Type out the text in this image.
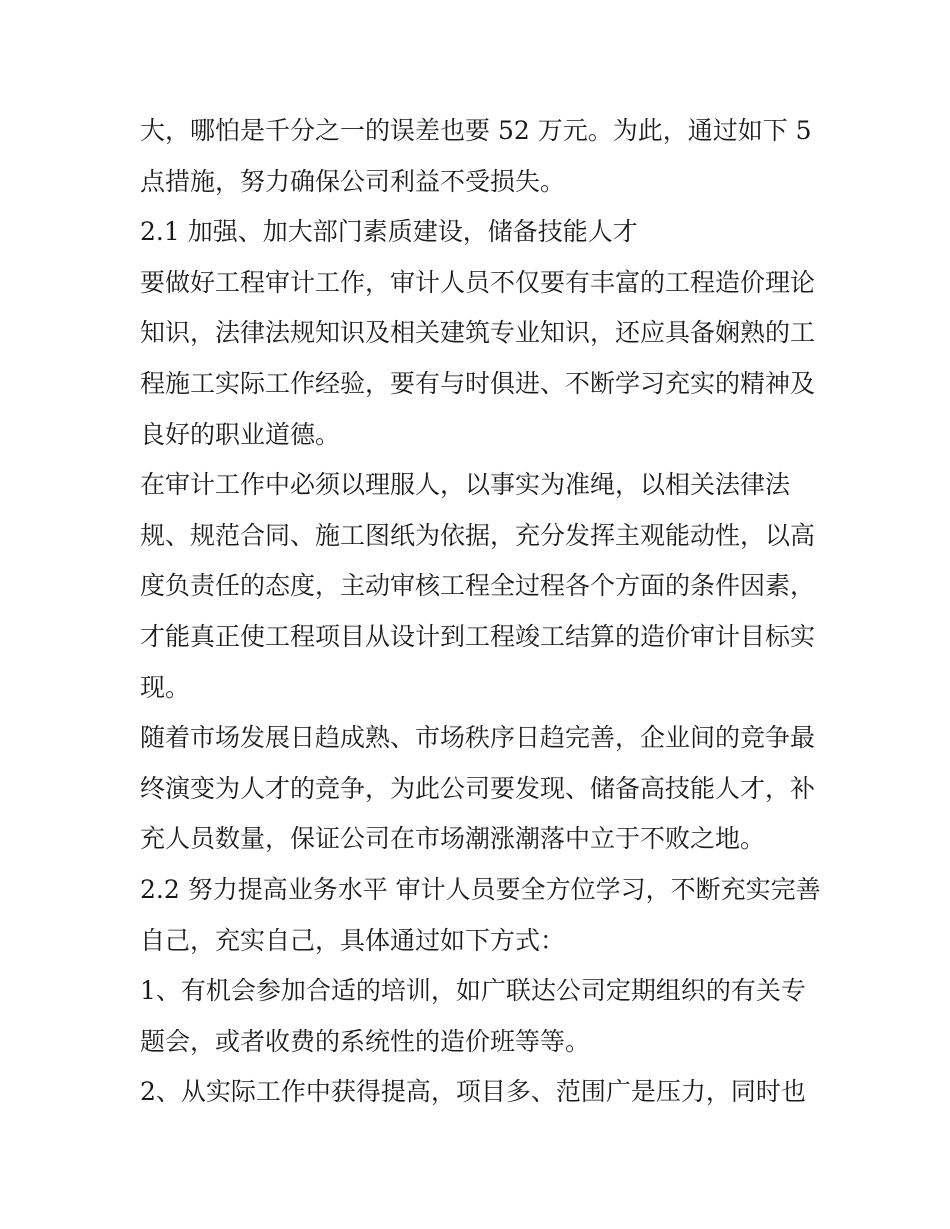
大，哪怕是千分之一的误差也要 52 万元。为此，通过如下 5
点措施，努力确保公司利益不受损失。
2.1 加强、加大部门素质建设，储备技能人才
要做好工程审计工作，审计人员不仅要有丰富的工程造价理论
知识，法律法规知识及相关建筑专业知识，还应具备娴熟的工
程施工实际工作经验，要有与时俱进、不断学习充实的精神及
良好的职业道德。
在审计工作中必须以理服人，以事实为准绳，以相关法律法
规、规范合同、施工图纸为依据，充分发挥主观能动性，以高
度负责任的态度，主动审核工程全过程各个方面的条件因素，
才能真正使工程项目从设计到工程竣工结算的造价审计目标实
现。
随着市场发展日趋成熟、市场秩序日趋完善，企业间的竞争最
终演变为人才的竞争，为此公司要发现、储备高技能人才，补
充人员数量，保证公司在市场潮涨潮落中立于不败之地。
2.2 努力提高业务水平 审计人员要全方位学习，不断充实完善
自己，充实自己，具体通过如下方式：
1、有机会参加合适的培训，如广联达公司定期组织的有关专
题会，或者收费的系统性的造价班等等。
2、从实际工作中获得提高，项目多、范围广是压力，同时也
